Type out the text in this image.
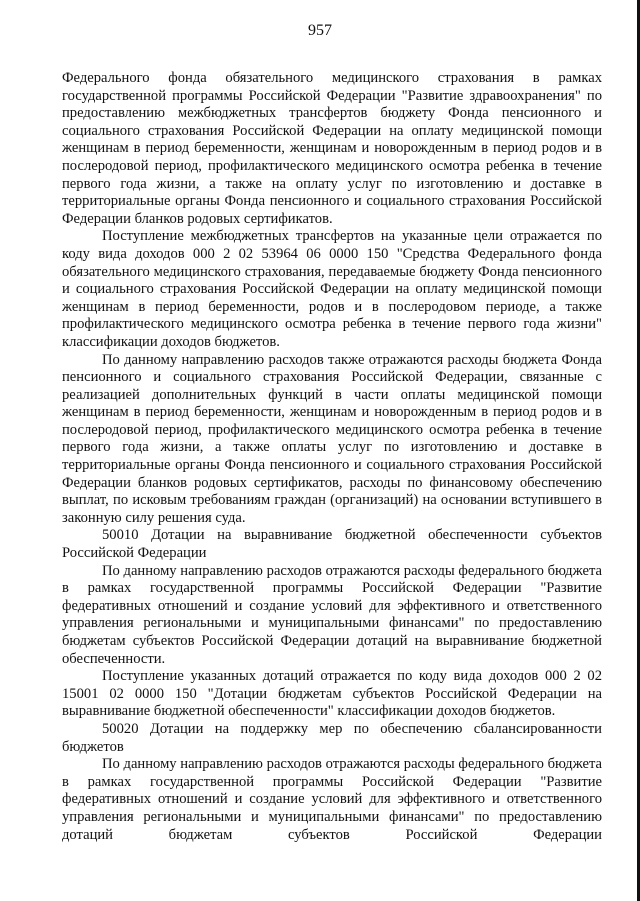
957

Федерального фонда обязательного медицинского страхования в рамках государственной программы Российской Федерации "Развитие здравоохранения" по предоставлению межбюджетных трансфертов бюджету Фонда пенсионного и социального страхования Российской Федерации на оплату медицинской помощи женщинам в период беременности, женщинам и новорожденным в период родов и в послеродовой период, профилактического медицинского осмотра ребенка в течение первого года жизни, а также на оплату услуг по изготовлению и доставке в территориальные органы Фонда пенсионного и социального страхования Российской Федерации бланков родовых сертификатов.

Поступление межбюджетных трансфертов на указанные цели отражается по коду вида доходов 000 2 02 53964 06 0000 150 "Средства Федерального фонда обязательного медицинского страхования, передаваемые бюджету Фонда пенсионного и социального страхования Российской Федерации на оплату медицинской помощи женщинам в период беременности, родов и в послеродовом периоде, а также профилактического медицинского осмотра ребенка в течение первого года жизни" классификации доходов бюджетов.

По данному направлению расходов также отражаются расходы бюджета Фонда пенсионного и социального страхования Российской Федерации, связанные с реализацией дополнительных функций в части оплаты медицинской помощи женщинам в период беременности, женщинам и новорожденным в период родов и в послеродовой период, профилактического медицинского осмотра ребенка в течение первого года жизни, а также оплаты услуг по изготовлению и доставке в территориальные органы Фонда пенсионного и социального страхования Российской Федерации бланков родовых сертификатов, расходы по финансовому обеспечению выплат, по исковым требованиям граждан (организаций) на основании вступившего в законную силу решения суда.

50010 Дотации на выравнивание бюджетной обеспеченности субъектов Российской Федерации

По данному направлению расходов отражаются расходы федерального бюджета в рамках государственной программы Российской Федерации "Развитие федеративных отношений и создание условий для эффективного и ответственного управления региональными и муниципальными финансами" по предоставлению бюджетам субъектов Российской Федерации дотаций на выравнивание бюджетной обеспеченности.

Поступление указанных дотаций отражается по коду вида доходов 000 2 02 15001 02 0000 150 "Дотации бюджетам субъектов Российской Федерации на выравнивание бюджетной обеспеченности" классификации доходов бюджетов.

50020 Дотации на поддержку мер по обеспечению сбалансированности бюджетов

По данному направлению расходов отражаются расходы федерального бюджета в рамках государственной программы Российской Федерации "Развитие федеративных отношений и создание условий для эффективного и ответственного управления региональными и муниципальными финансами" по предоставлению дотаций бюджетам субъектов Российской Федерации
